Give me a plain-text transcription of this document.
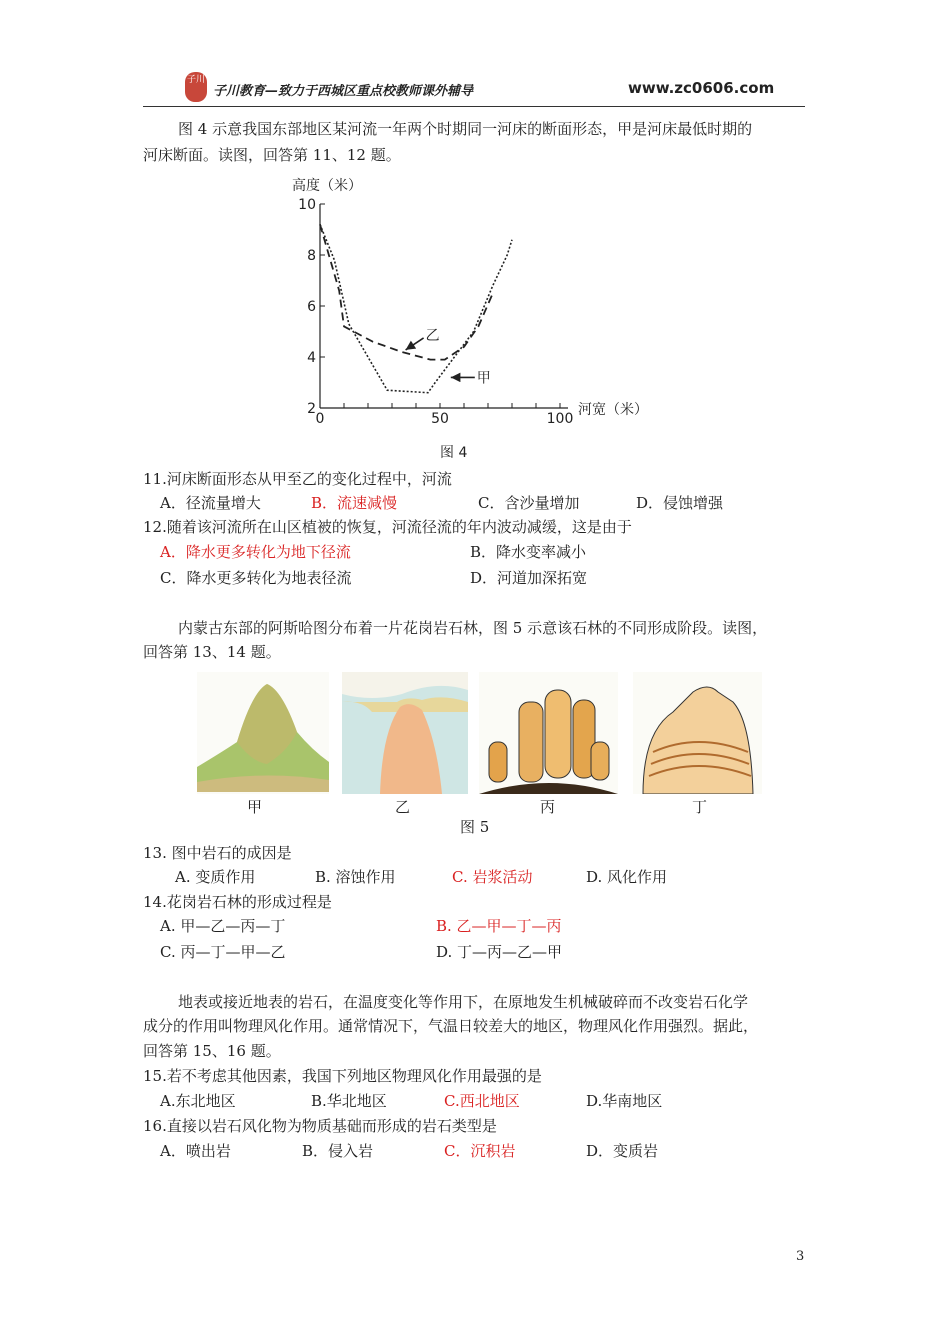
子川
子川教育—致力于西城区重点校教师课外辅导	www.zc0606.com
图 4 示意我国东部地区某河流一年两个时期同一河床的断面形态，甲是河床最低时期的
河床断面。读图，回答第 11、12 题。
高度（米）
河宽（米）
10
8
6
4
2
0	50	100
乙
甲
图 4
11.河床断面形态从甲至乙的变化过程中，河流
A．径流量增大	B．流速减慢	C．含沙量增加	D．侵蚀增强
12.随着该河流所在山区植被的恢复，河流径流的年内波动减缓，这是由于
A．降水更多转化为地下径流	B．降水变率减小
C．降水更多转化为地表径流	D．河道加深拓宽
内蒙古东部的阿斯哈图分布着一片花岗岩石林，图 5 示意该石林的不同形成阶段。读图，
回答第 13、14 题。
甲	乙	丙	丁
图 5
13. 图中岩石的成因是
A. 变质作用	B. 溶蚀作用	C. 岩浆活动	D. 风化作用
14.花岗岩石林的形成过程是
A. 甲—乙—丙—丁	B. 乙—甲—丁—丙
C. 丙—丁—甲—乙	D. 丁—丙—乙—甲
地表或接近地表的岩石，在温度变化等作用下，在原地发生机械破碎而不改变岩石化学
成分的作用叫物理风化作用。通常情况下，气温日较差大的地区，物理风化作用强烈。据此，
回答第 15、16 题。
15.若不考虑其他因素，我国下列地区物理风化作用最强的是
A.东北地区	B.华北地区	C.西北地区	D.华南地区
16.直接以岩石风化物为物质基础而形成的岩石类型是
A．喷出岩	B．侵入岩	C．沉积岩	D．变质岩
3
